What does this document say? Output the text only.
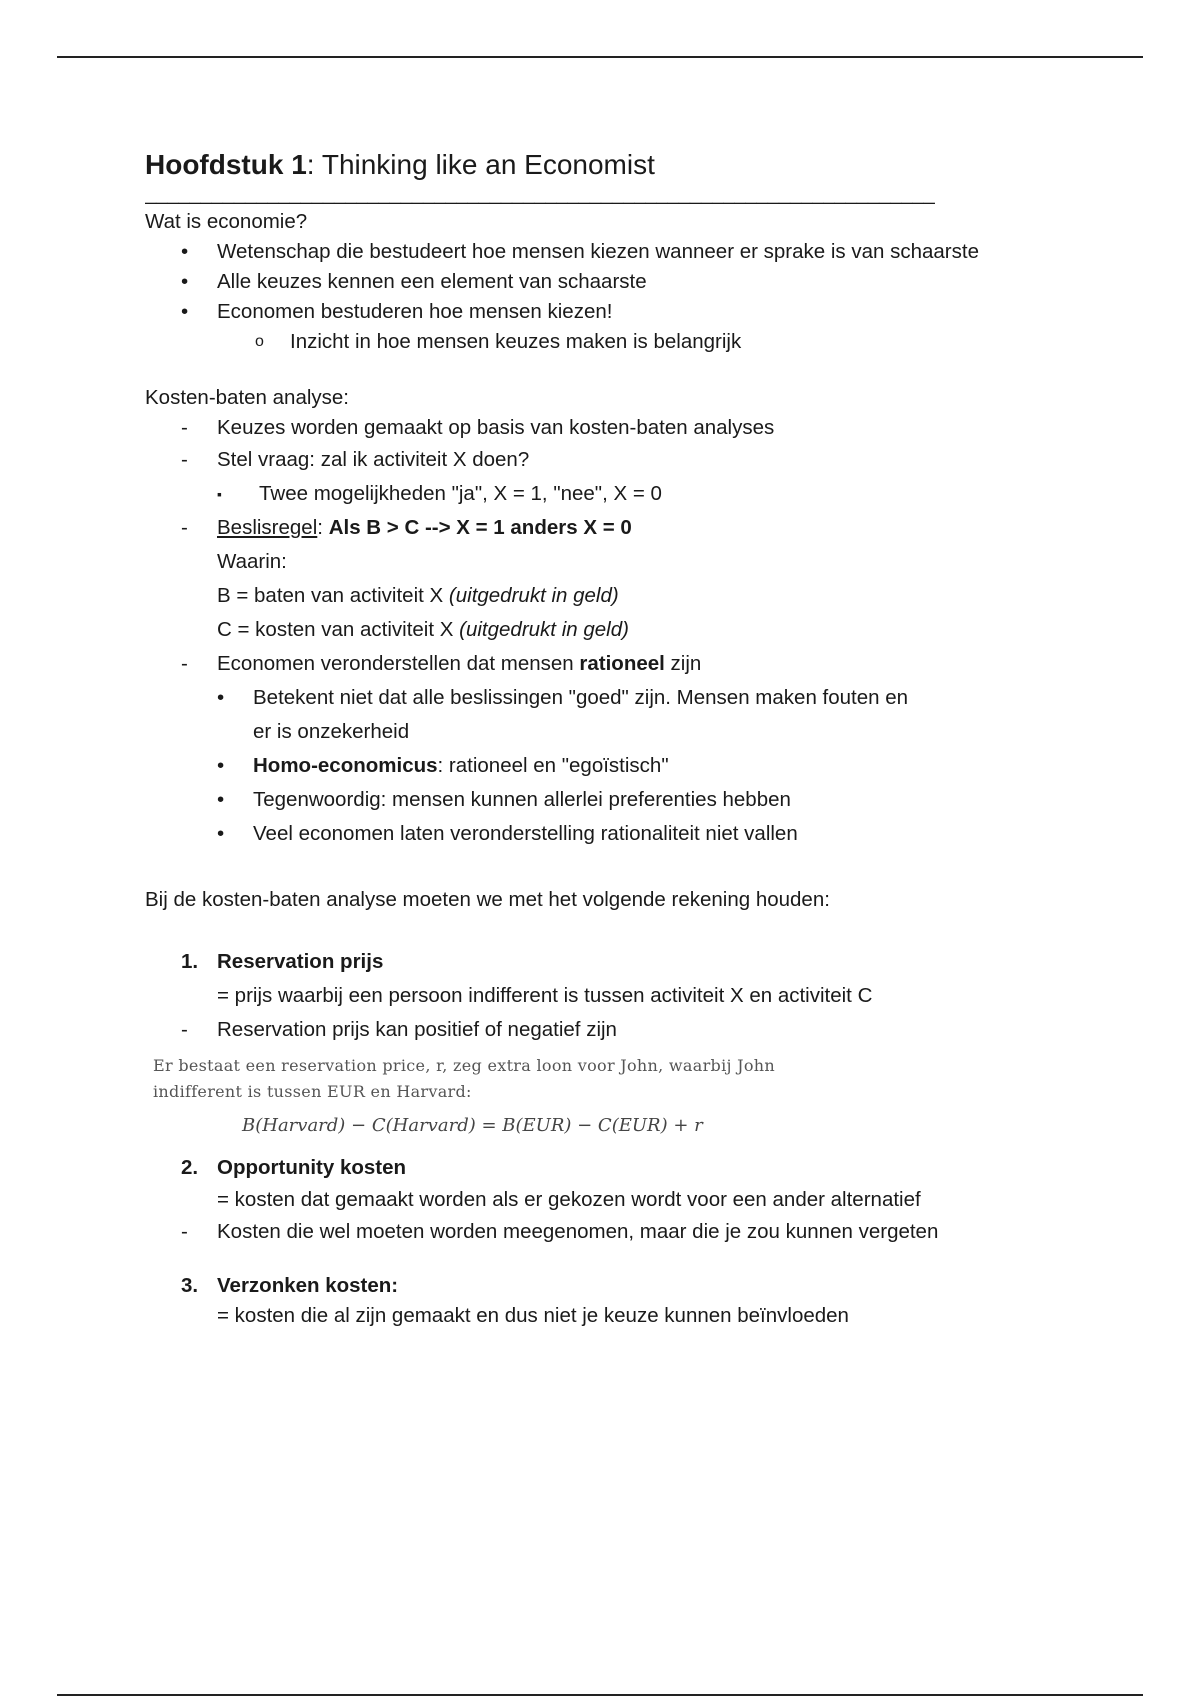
Hoofdstuk 1: Thinking like an Economist
_______________________________________________________________________
Wat is economie?
• Wetenschap die bestudeert hoe mensen kiezen wanneer er sprake is van schaarste
• Alle keuzes kennen een element van schaarste
• Economen bestuderen hoe mensen kiezen!
o Inzicht in hoe mensen keuzes maken is belangrijk
Kosten-baten analyse:
- Keuzes worden gemaakt op basis van kosten-baten analyses
- Stel vraag: zal ik activiteit X doen?
▪ Twee mogelijkheden "ja", X = 1, "nee", X = 0
- Beslisregel: Als B > C --> X = 1 anders X = 0
Waarin:
B = baten van activiteit X (uitgedrukt in geld)
C = kosten van activiteit X (uitgedrukt in geld)
- Economen veronderstellen dat mensen rationeel zijn
• Betekent niet dat alle beslissingen "goed" zijn. Mensen maken fouten en
er is onzekerheid
• Homo-economicus: rationeel en "egoïstisch"
• Tegenwoordig: mensen kunnen allerlei preferenties hebben
• Veel economen laten veronderstelling rationaliteit niet vallen
Bij de kosten-baten analyse moeten we met het volgende rekening houden:
1. Reservation prijs
= prijs waarbij een persoon indifferent is tussen activiteit X en activiteit C
- Reservation prijs kan positief of negatief zijn
Er bestaat een reservation price, r, zeg extra loon voor John, waarbij John
indifferent is tussen EUR en Harvard:
B(Harvard) − C(Harvard) = B(EUR) − C(EUR) + r
2. Opportunity kosten
= kosten dat gemaakt worden als er gekozen wordt voor een ander alternatief
- Kosten die wel moeten worden meegenomen, maar die je zou kunnen vergeten
3. Verzonken kosten:
= kosten die al zijn gemaakt en dus niet je keuze kunnen beïnvloeden
